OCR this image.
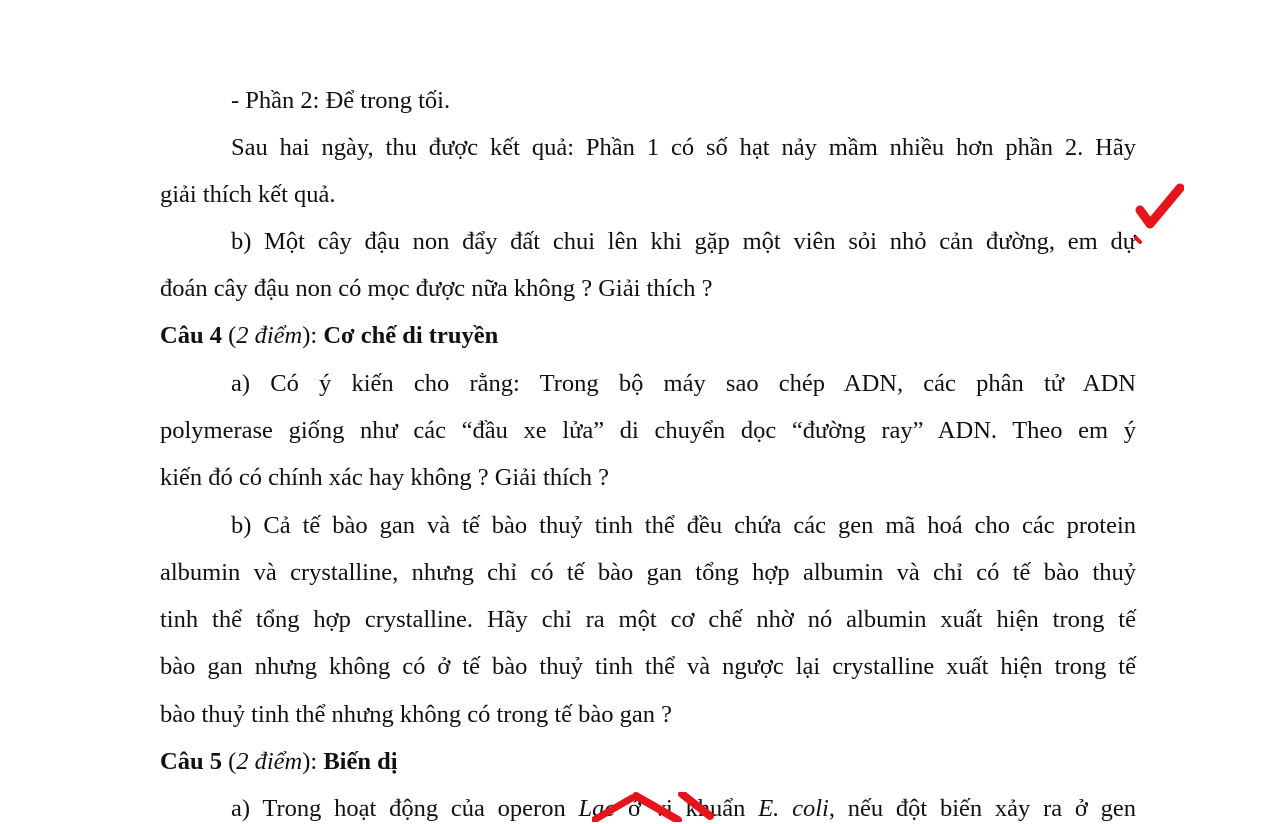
- Phần 2: Để trong tối.
Sau hai ngày, thu được kết quả: Phần 1 có số hạt nảy mầm nhiều hơn phần 2. Hãy
giải thích kết quả.
b) Một cây đậu non đẩy đất chui lên khi gặp một viên sỏi nhỏ cản đường, em dự
đoán cây đậu non có mọc được nữa không ? Giải thích ?
Câu 4 (2 điểm): Cơ chế di truyền
a) Có ý kiến cho rằng: Trong bộ máy sao chép ADN, các phân tử ADN
polymerase giống như các “đầu xe lửa” di chuyển dọc “đường ray” ADN. Theo em ý
kiến đó có chính xác hay không ? Giải thích ?
b) Cả tế bào gan và tế bào thuỷ tinh thể đều chứa các gen mã hoá cho các protein
albumin và crystalline, nhưng chỉ có tế bào gan tổng hợp albumin và chỉ có tế bào thuỷ
tinh thể tổng hợp crystalline. Hãy chỉ ra một cơ chế nhờ nó albumin xuất hiện trong tế
bào gan nhưng không có ở tế bào thuỷ tinh thể và ngược lại crystalline xuất hiện trong tế
bào thuỷ tinh thể nhưng không có trong tế bào gan ?
Câu 5 (2 điểm): Biến dị
a) Trong hoạt động của operon Lac ở vi khuẩn E. coli, nếu đột biến xảy ra ở gen
